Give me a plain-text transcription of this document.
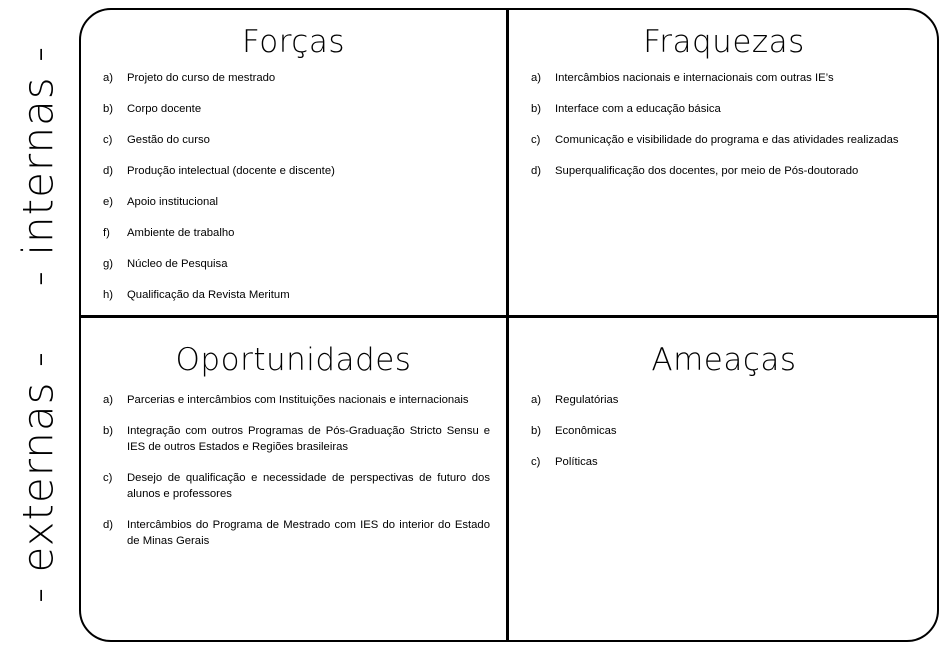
- internas -
- externas -
Forças
a) Projeto do curso de mestrado
b) Corpo docente
c) Gestão do curso
d) Produção intelectual (docente e discente)
e) Apoio institucional
f) Ambiente de trabalho
g) Núcleo de Pesquisa
h) Qualificação da Revista Meritum
Fraquezas
a) Intercâmbios nacionais e internacionais com outras IE’s
b) Interface com a educação básica
c) Comunicação e visibilidade do programa e das atividades realizadas
d) Superqualificação dos docentes, por meio de Pós-doutorado
Oportunidades
a) Parcerias e intercâmbios com Instituições nacionais e internacionais
b) Integração com outros Programas de Pós-Graduação Stricto Sensu e IES de outros Estados e Regiões brasileiras
c) Desejo de qualificação e necessidade de perspectivas de futuro dos alunos e professores
d) Intercâmbios do Programa de Mestrado com IES do interior do Estado de Minas Gerais
Ameaças
a) Regulatórias
b) Econômicas
c) Políticas
